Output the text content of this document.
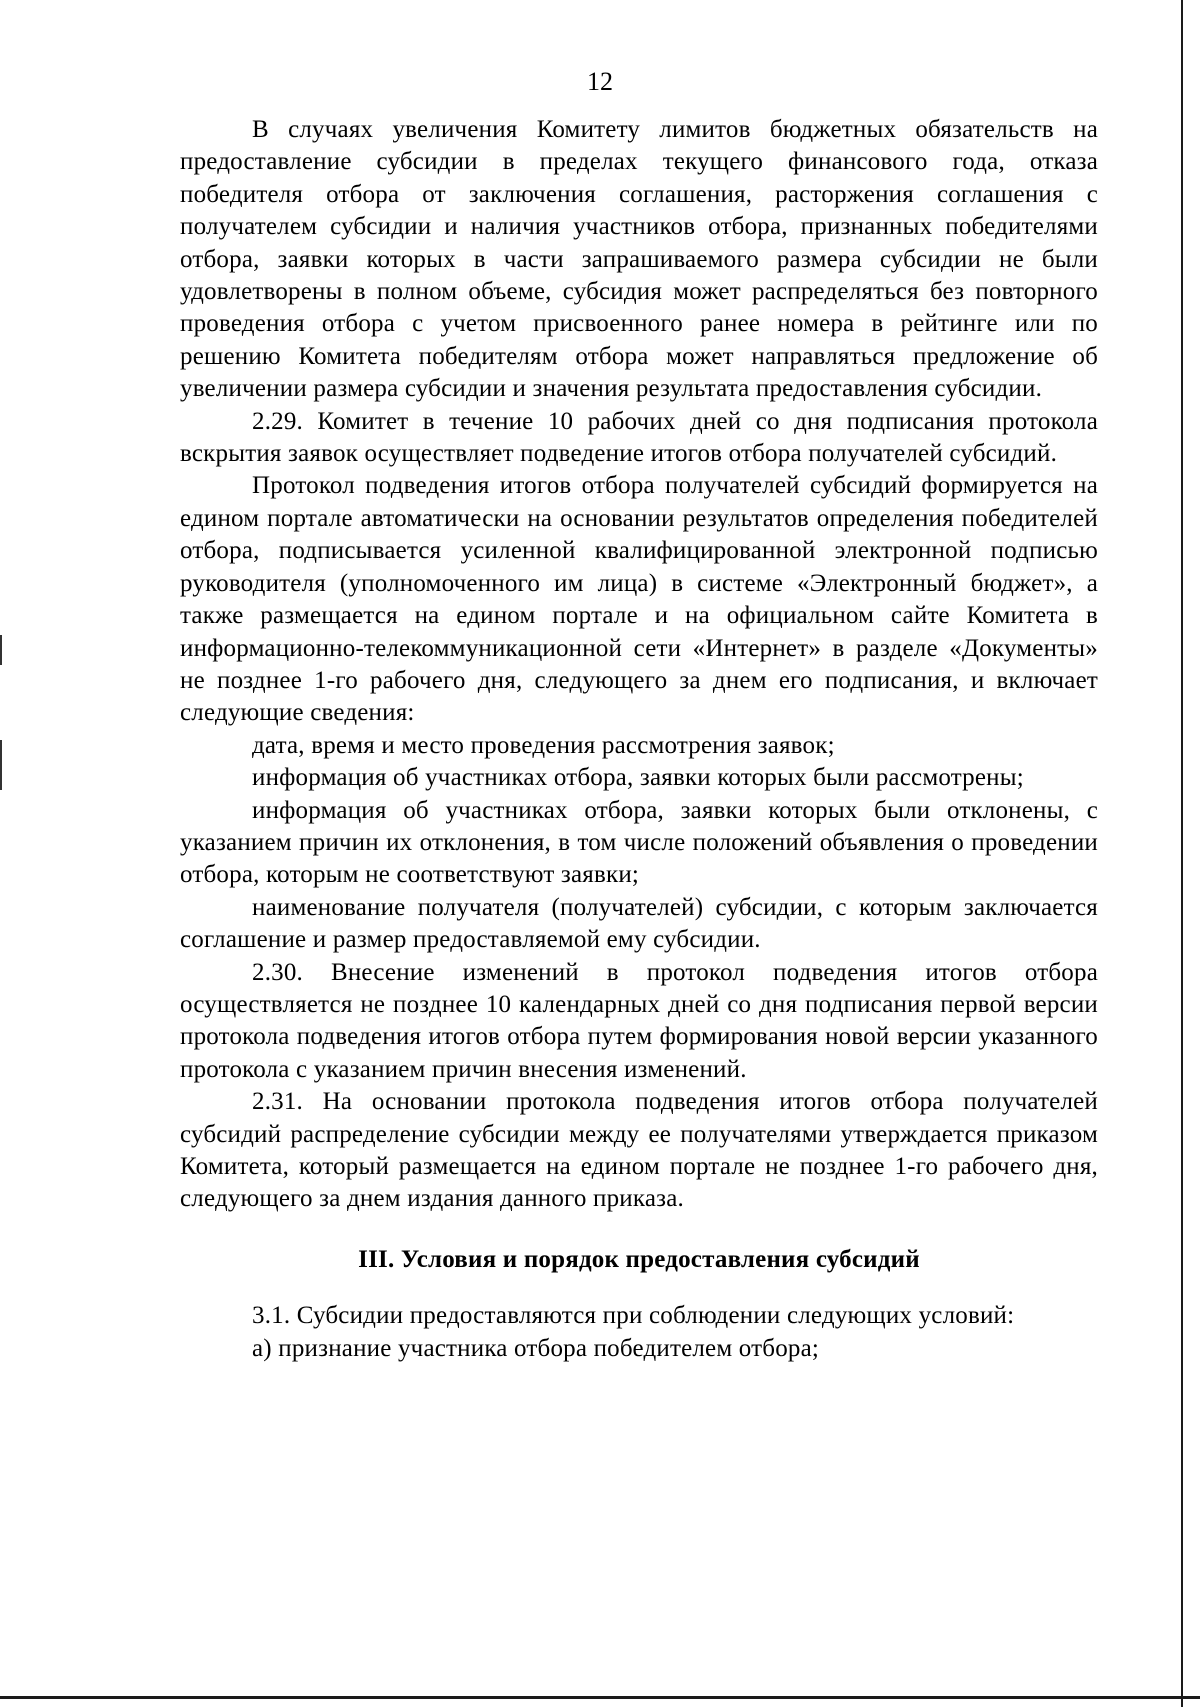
12

В случаях увеличения Комитету лимитов бюджетных обязательств на предоставление субсидии в пределах текущего финансового года, отказа победителя отбора от заключения соглашения, расторжения соглашения с получателем субсидии и наличия участников отбора, признанных победителями отбора, заявки которых в части запрашиваемого размера субсидии не были удовлетворены в полном объеме, субсидия может распределяться без повторного проведения отбора с учетом присвоенного ранее номера в рейтинге или по решению Комитета победителям отбора может направляться предложение об увеличении размера субсидии и значения результата предоставления субсидии.

2.29. Комитет в течение 10 рабочих дней со дня подписания протокола вскрытия заявок осуществляет подведение итогов отбора получателей субсидий.

Протокол подведения итогов отбора получателей субсидий формируется на едином портале автоматически на основании результатов определения победителей отбора, подписывается усиленной квалифицированной электронной подписью руководителя (уполномоченного им лица) в системе «Электронный бюджет», а также размещается на едином портале и на официальном сайте Комитета в информационно-телекоммуникационной сети «Интернет» в разделе «Документы» не позднее 1-го рабочего дня, следующего за днем его подписания, и включает следующие сведения:

дата, время и место проведения рассмотрения заявок;

информация об участниках отбора, заявки которых были рассмотрены;

информация об участниках отбора, заявки которых были отклонены, с указанием причин их отклонения, в том числе положений объявления о проведении отбора, которым не соответствуют заявки;

наименование получателя (получателей) субсидии, с которым заключается соглашение и размер предоставляемой ему субсидии.

2.30. Внесение изменений в протокол подведения итогов отбора осуществляется не позднее 10 календарных дней со дня подписания первой версии протокола подведения итогов отбора путем формирования новой версии указанного протокола с указанием причин внесения изменений.

2.31. На основании протокола подведения итогов отбора получателей субсидий распределение субсидии между ее получателями утверждается приказом Комитета, который размещается на едином портале не позднее 1-го рабочего дня, следующего за днем издания данного приказа.

III. Условия и порядок предоставления субсидий

3.1. Субсидии предоставляются при соблюдении следующих условий:

а) признание участника отбора победителем отбора;
